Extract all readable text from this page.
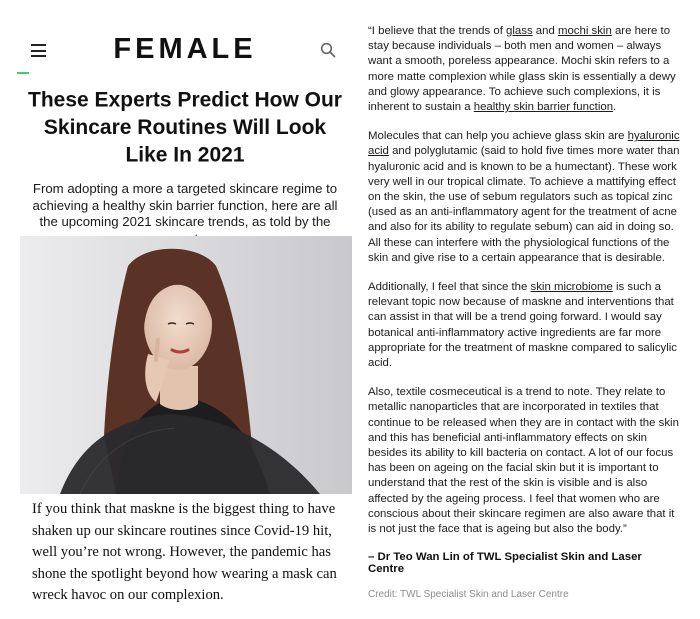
FEMALE
These Experts Predict How Our Skincare Routines Will Look Like In 2021
From adopting a more a targeted skincare regime to achieving a healthy skin barrier function, here are all the upcoming 2021 skincare trends, as told by the
If you think that maskne is the biggest thing to have shaken up our skincare routines since Covid-19 hit, well you’re not wrong. However, the pandemic has shone the spotlight beyond how wearing a mask can wreck havoc on our complexion.

“I believe that the trends of glass and mochi skin are here to stay because individuals – both men and women – always want a smooth, poreless appearance. Mochi skin refers to a more matte complexion while glass skin is essentially a dewy and glowy appearance. To achieve such complexions, it is inherent to sustain a healthy skin barrier function.

Molecules that can help you achieve glass skin are hyaluronic acid and polyglutamic (said to hold five times more water than hyaluronic acid and is known to be a humectant). These work very well in our tropical climate. To achieve a mattifying effect on the skin, the use of sebum regulators such as topical zinc (used as an anti-inflammatory agent for the treatment of acne and also for its ability to regulate sebum) can aid in doing so. All these can interfere with the physiological functions of the skin and give rise to a certain appearance that is desirable.

Additionally, I feel that since the skin microbiome is such a relevant topic now because of maskne and interventions that can assist in that will be a trend going forward. I would say botanical anti-inflammatory active ingredients are far more appropriate for the treatment of maskne compared to salicylic acid.

Also, textile cosmeceutical is a trend to note. They relate to metallic nanoparticles that are incorporated in textiles that continue to be released when they are in contact with the skin and this has beneficial anti-inflammatory effects on skin besides its ability to kill bacteria on contact. A lot of our focus has been on ageing on the facial skin but it is important to understand that the rest of the skin is visible and is also affected by the ageing process. I feel that women who are conscious about their skincare regimen are also aware that it is not just the face that is ageing but also the body.”

– Dr Teo Wan Lin of TWL Specialist Skin and Laser Centre
Credit: TWL Specialist Skin and Laser Centre
